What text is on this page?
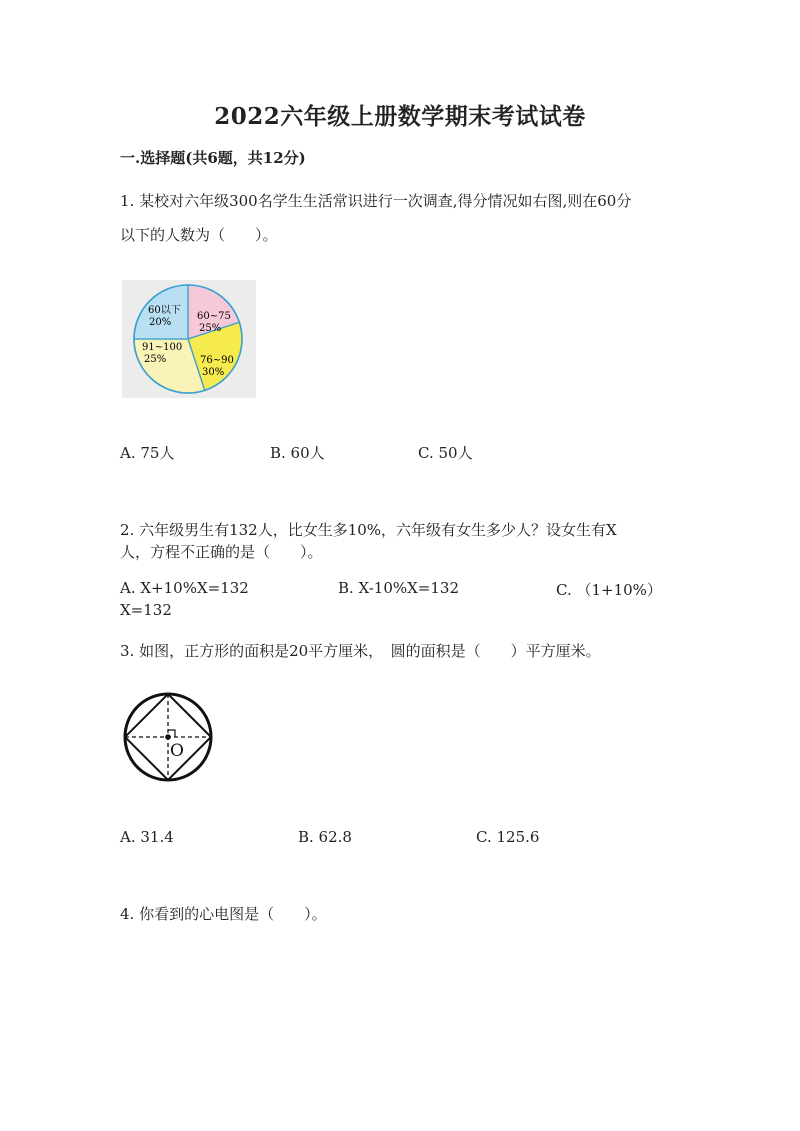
2022六年级上册数学期末考试试卷
一.选择题(共6题，共12分)
1. 某校对六年级300名学生生活常识进行一次调查,得分情况如右图,则在60分
以下的人数为（　　）。
60以下
20%
60~75
25%
76~90
30%
91~100
25%
A. 75人	B. 60人	C. 50人
2. 六年级男生有132人，比女生多10%，六年级有女生多少人？设女生有X
人，方程不正确的是（　　）。
A. X+10%X=132	B. X-10%X=132	C. （1+10%）
X=132
3. 如图，正方形的面积是20平方厘米，　圆的面积是（　　）平方厘米。
O
A. 31.4	B. 62.8	C. 125.6
4. 你看到的心电图是（　　）。
